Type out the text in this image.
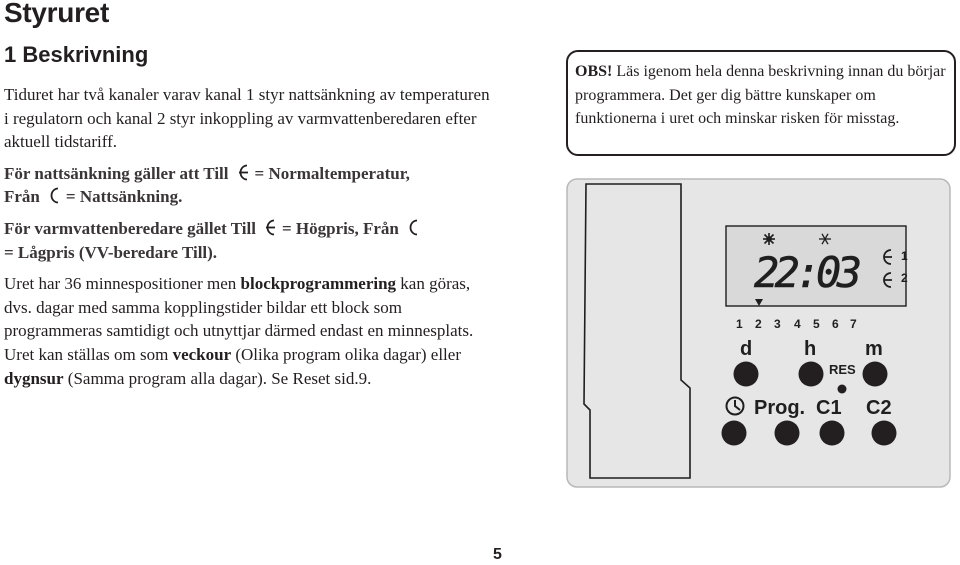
Styruret
1 Beskrivning

Tiduret har två kanaler varav kanal 1 styr nattsänkning av temperaturen i regulatorn och kanal 2 styr inkoppling av varmvattenberedaren efter aktuell tidstariff.

För nattsänkning gäller att Till = Normaltemperatur,
Från = Nattsänkning.

För varmvattenberedare gället Till = Högpris, Från
= Lågpris (VV-beredare Till).

Uret har 36 minnespositioner men blockprogrammering kan göras, dvs. dagar med samma kopplingstider bildar ett block som programmeras samtidigt och utnyttjar därmed endast en minnesplats. Uret kan ställas om som veckour (Olika program olika dagar) eller dygnsur (Samma program alla dagar). Se Reset sid.9.

OBS! Läs igenom hela denna beskrivning innan du börjar programmera. Det ger dig bättre kunskaper om funktionerna i uret och minskar risken för misstag.
22:03	1
2
1 2 3 4 5 6 7
d	h m
RES
Prog. C1 C2
5
